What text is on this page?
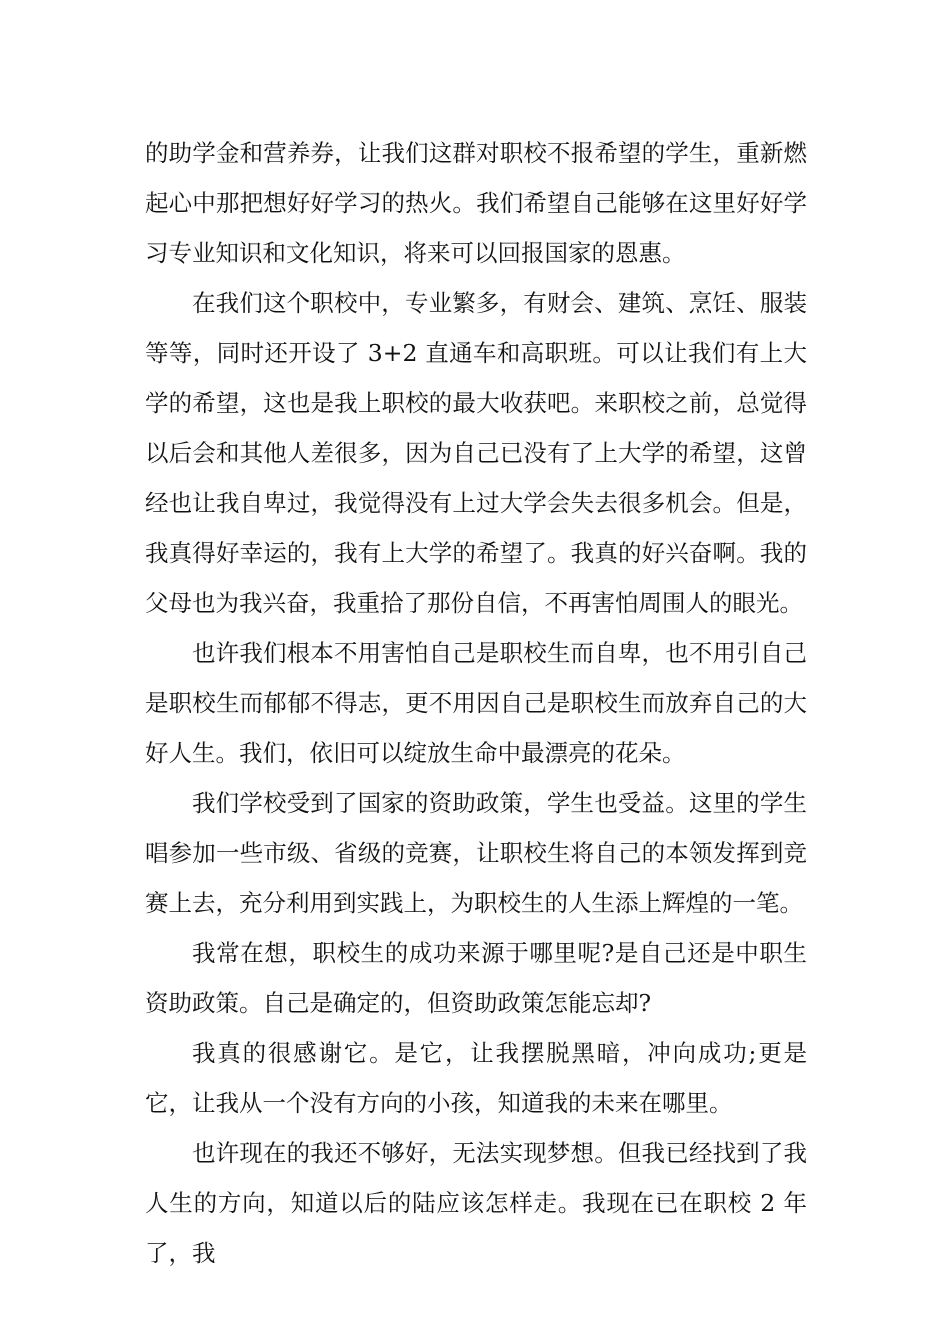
的助学金和营养券，让我们这群对职校不报希望的学生，重新燃起心中那把想好好学习的热火。我们希望自己能够在这里好好学习专业知识和文化知识，将来可以回报国家的恩惠。

在我们这个职校中，专业繁多，有财会、建筑、烹饪、服装等等，同时还开设了 3+2 直通车和高职班。可以让我们有上大学的希望，这也是我上职校的最大收获吧。来职校之前，总觉得以后会和其他人差很多，因为自己已没有了上大学的希望，这曾经也让我自卑过，我觉得没有上过大学会失去很多机会。但是，我真得好幸运的，我有上大学的希望了。我真的好兴奋啊。我的父母也为我兴奋，我重拾了那份自信，不再害怕周围人的眼光。

也许我们根本不用害怕自己是职校生而自卑，也不用引自己是职校生而郁郁不得志，更不用因自己是职校生而放弃自己的大好人生。我们，依旧可以绽放生命中最漂亮的花朵。

我们学校受到了国家的资助政策，学生也受益。这里的学生唱参加一些市级、省级的竞赛，让职校生将自己的本领发挥到竞赛上去，充分利用到实践上，为职校生的人生添上辉煌的一笔。

我常在想，职校生的成功来源于哪里呢?是自己还是中职生资助政策。自己是确定的，但资助政策怎能忘却?

我真的很感谢它。是它，让我摆脱黑暗，冲向成功;更是它，让我从一个没有方向的小孩，知道我的未来在哪里。

也许现在的我还不够好，无法实现梦想。但我已经找到了我人生的方向，知道以后的陆应该怎样走。我现在已在职校 2 年了，我
